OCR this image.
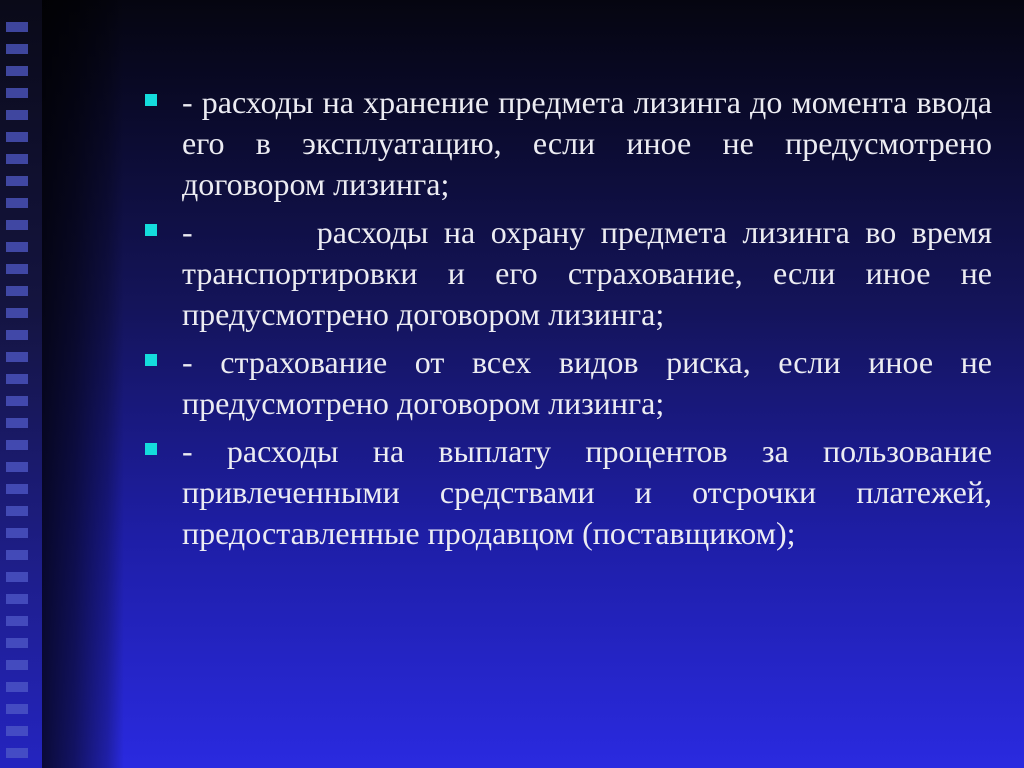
- расходы на хранение предмета лизинга до момента ввода его в эксплуатацию, если иное не предусмотрено договором лизинга;
-        расходы на охрану предмета лизинга во время транспортировки и его страхование, если иное не предусмотрено договором лизинга;
- страхование от всех видов риска, если иное не предусмотрено договором лизинга;
- расходы на выплату процентов за пользование привлеченными средствами и отсрочки платежей, предоставленные продавцом (поставщиком);
